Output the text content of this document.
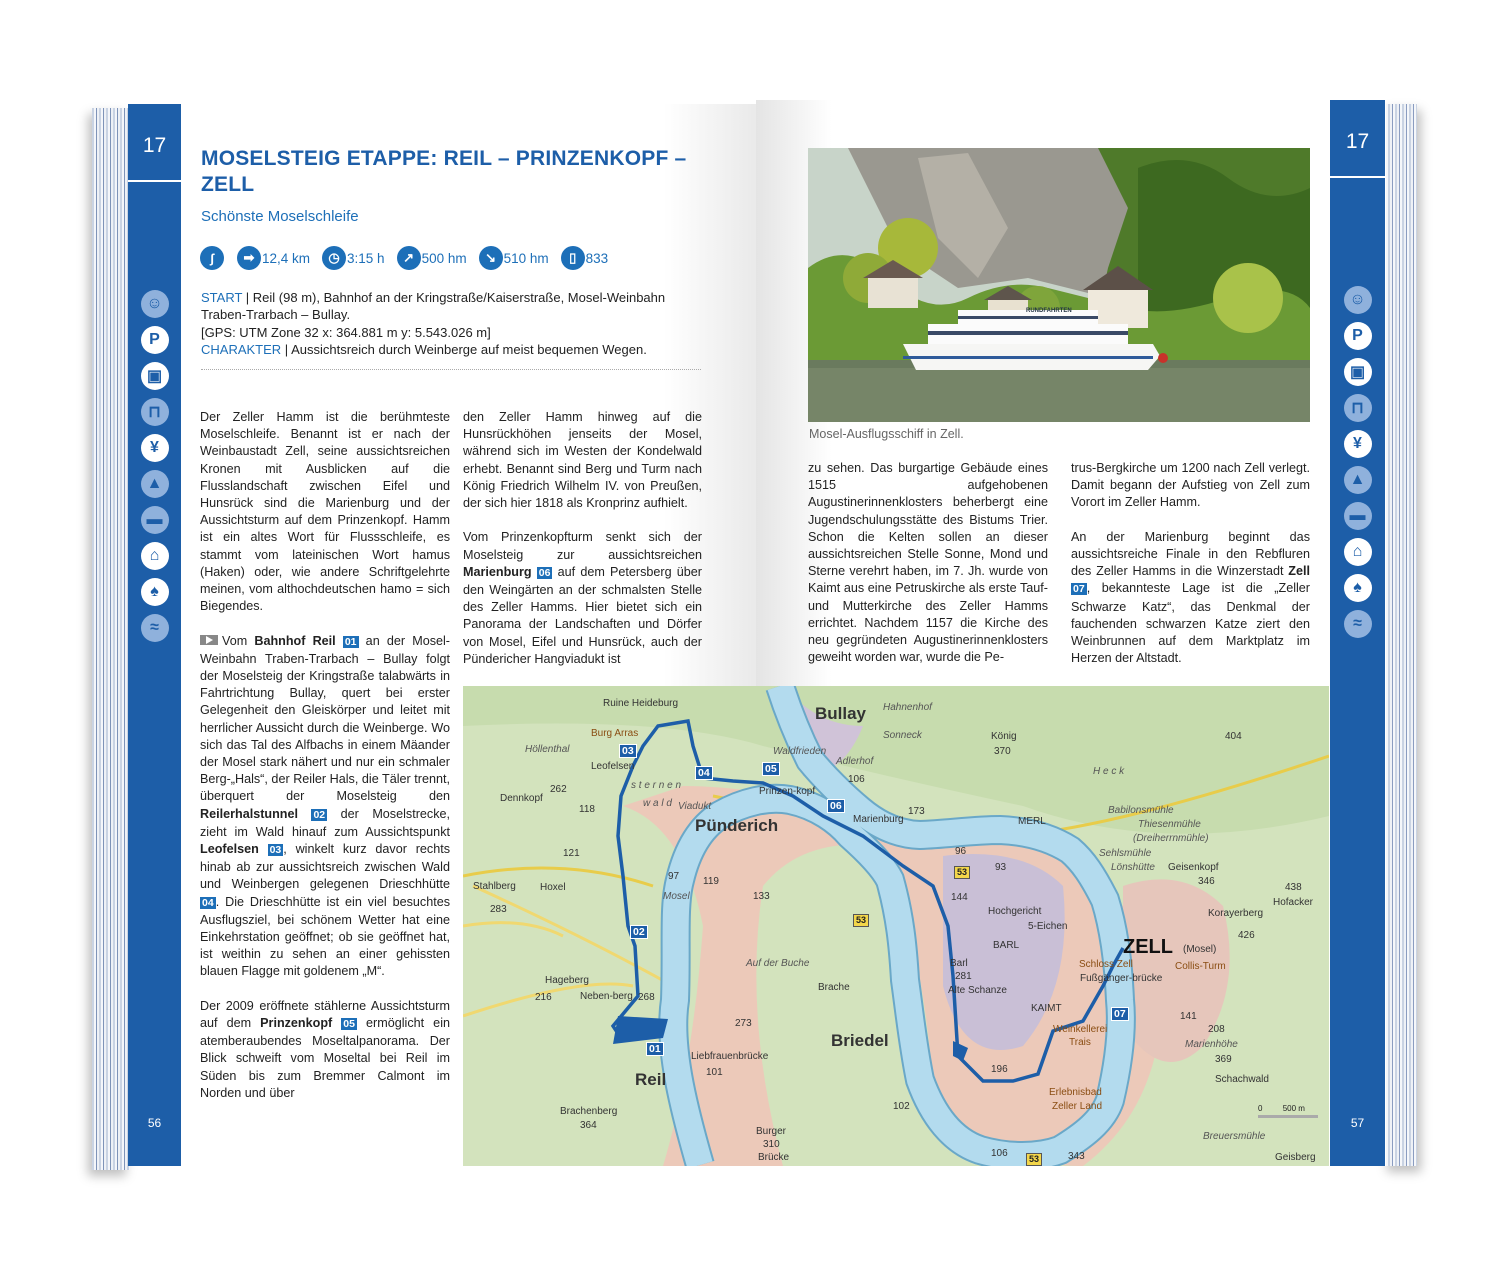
17
☺
P
▣
⊓
¥
▲
▬
⌂
♠
≈
56
17
☺
P
▣
⊓
¥
▲
▬
⌂
♠
≈
57
MOSELSTEIG ETAPPE: REIL – PRINZENKOPF – ZELL
Schönste Moselschleife
ʃ	➡ 12,4 km	◷ 3:15 h	↗ 500 hm	↘ 510 hm	▯ 833
START | Reil (98 m), Bahnhof an der Kringstraße/Kaiserstraße, Mosel-Weinbahn Traben-Trarbach – Bullay.
[GPS: UTM Zone 32 x: 364.881 m y: 5.543.026 m]
CHARAKTER | Aussichtsreich durch Weinberge auf meist bequemen Wegen.

Der Zeller Hamm ist die berühmteste Moselschleife. Benannt ist er nach der Weinbaustadt Zell, seine aussichtsreichen Kronen mit Ausblicken auf die Flusslandschaft zwischen Eifel und Hunsrück sind die Marienburg und der Aussichtsturm auf dem Prinzenkopf. Hamm ist ein altes Wort für Flussschleife, es stammt vom lateinischen Wort hamus (Haken) oder, wie andere Schriftgelehrte meinen, vom althochdeutschen hamo = sich Biegendes.

Vom Bahnhof Reil 01 an der Mosel-Weinbahn Traben-Trarbach – Bullay folgt der Moselsteig der Kringstraße talabwärts in Fahrtrichtung Bullay, quert bei erster Gelegenheit den Gleiskörper und leitet mit herrlicher Aussicht durch die Weinberge. Wo sich das Tal des Alfbachs in einem Mäander der Mosel stark nähert und nur ein schmaler Berg-„Hals“, der Reiler Hals, die Täler trennt, überquert der Moselsteig den Reilerhalstunnel 02 der Moselstrecke, zieht im Wald hinauf zum Aussichtspunkt Leofelsen 03 , winkelt kurz davor rechts hinab ab zur aussichtsreich zwischen Wald und Weinbergen gelegenen Drieschhütte 04 . Die Drieschhütte ist ein viel besuchtes Ausflugsziel, bei schönem Wetter hat eine Einkehrstation geöffnet; ob sie geöffnet hat, ist weithin zu sehen an einer gehissten blauen Flagge mit goldenem „M“.

Der 2009 eröffnete stählerne Aussichtsturm auf dem Prinzenkopf 05 ermöglicht ein atemberaubendes Moseltalpanorama. Der Blick schweift vom Moseltal bei Reil im Süden bis zum Bremmer Calmont im Norden und über

den Zeller Hamm hinweg auf die Hunsrückhöhen jenseits der Mosel, während sich im Westen der Kondelwald erhebt. Benannt sind Berg und Turm nach König Friedrich Wilhelm IV. von Preußen, der sich hier 1818 als Kronprinz aufhielt.

Vom Prinzenkopfturm senkt sich der Moselsteig zur aussichtsreichen Marienburg 06 auf dem Petersberg über den Weingärten an der schmalsten Stelle des Zeller Hamms. Hier bietet sich ein Panorama der Landschaften und Dörfer von Mosel, Eifel und Hunsrück, auch der Pündericher Hangviadukt ist

zu sehen. Das burgartige Gebäude eines 1515 aufgehobenen Augustinerinnenklosters beherbergt eine Jugendschulungsstätte des Bistums Trier. Schon die Kelten sollen an dieser aussichtsreichen Stelle Sonne, Mond und Sterne verehrt haben, im 7. Jh. wurde von Kaimt aus eine Petruskirche als erste Tauf- und Mutterkirche des Zeller Hamms errichtet. Nachdem 1157 die Kirche des neu gegründeten Augustinerinnenklosters geweiht worden war, wurde die Pe-

trus-Bergkirche um 1200 nach Zell verlegt. Damit begann der Aufstieg von Zell zum Vorort im Zeller Hamm.

An der Marienburg beginnt das aussichtsreiche Finale in den Rebfluren des Zeller Hamms in die Winzerstadt Zell 07 , bekannteste Lage ist die „Zeller Schwarze Katz“, das Denkmal der fauchenden schwarzen Katze ziert den Weinbrunnen auf dem Marktplatz im Herzen der Altstadt.

RUNDFAHRTEN
Mosel-Ausflugsschiff in Zell.
Ruine Heideburg
Burg Arras
Höllenthal
Leofelsen
Dennkopf
262
118
s t e r n e n
w a l d Viadukt
Pünderich
Bullay
Prinzen-kopf
Marienburg
Stahlberg
283
Hoxel
121
Hageberg
216	Neben-berg 268
Reil
Liebfrauenbrücke
101
Brachenberg
364
Burger
310
Brücke
Briedel
Auf der Buche
273
Brache
Mosel
97 119
133
König
370
H e c k
404
MERL
Babilonsmühle
Thiesenmühle
(Dreiherrnmühle)
Sehlsmühle
Lönshütte Geisenkopf
346
173
96
93
144
Hochgericht
5-Eichen
BARL
Barl
281
Alte Schanze
KAIMT
ZELL (Mosel)
Schloss Zell
Fußgänger-brücke
Collis-Turm
Weinkellerei
Trais
196
Korayerberg
426
438
Hofacker
141
208
Marienhöhe
369
Schachwald
Erlebnisbad
Zeller Land
102
Breuersmühle
Geisberg
106	343
Waldfrieden
Sonneck
Adlerhof
106
Hahnenhof
01
02
03
04	05
06
07
53
53
53
0	500 m
